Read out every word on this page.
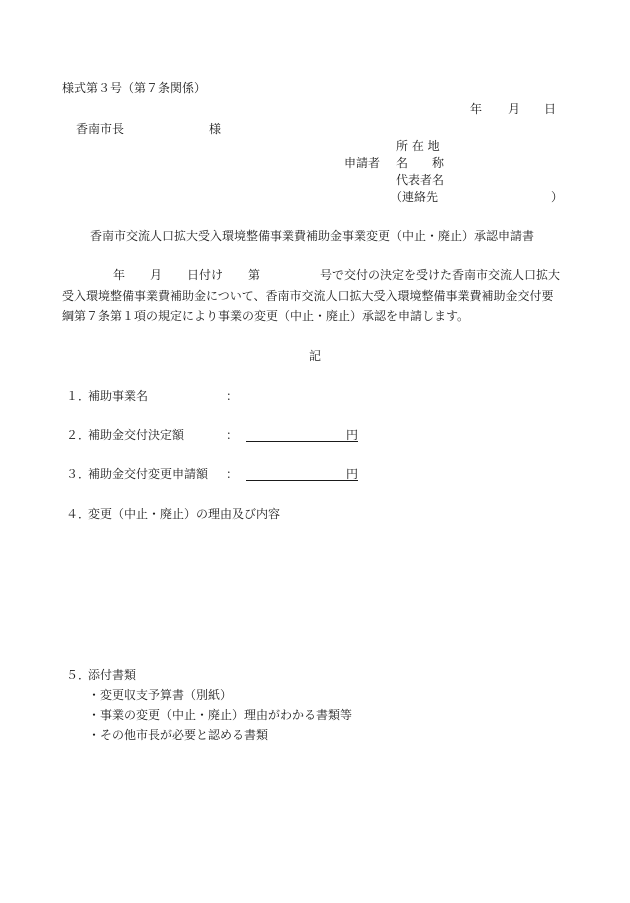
様式第３号（第７条関係）
年 月 日
香南市長	様
所 在 地
申請者 名　　称
代表者名
（連絡先	）
香南市交流人口拡大受入環境整備事業費補助金事業変更（中止・廃止）承認申請書
年 月 日付け 第	号で交付の決定を受けた香南市交流人口拡大
受入環境整備事業費補助金について、香南市交流人口拡大受入環境整備事業費補助金交付要
綱第７条第１項の規定により事業の変更（中止・廃止）承認を申請します。
記
１．
補助事業名	：
２．
補助金交付決定額	：	円
３．
補助金交付変更申請額 ：	円
４．
変更（中止・廃止）の理由及び内容
５．
添付書類
・変更収支予算書（別紙）
・事業の変更（中止・廃止）理由がわかる書類等
・その他市長が必要と認める書類
